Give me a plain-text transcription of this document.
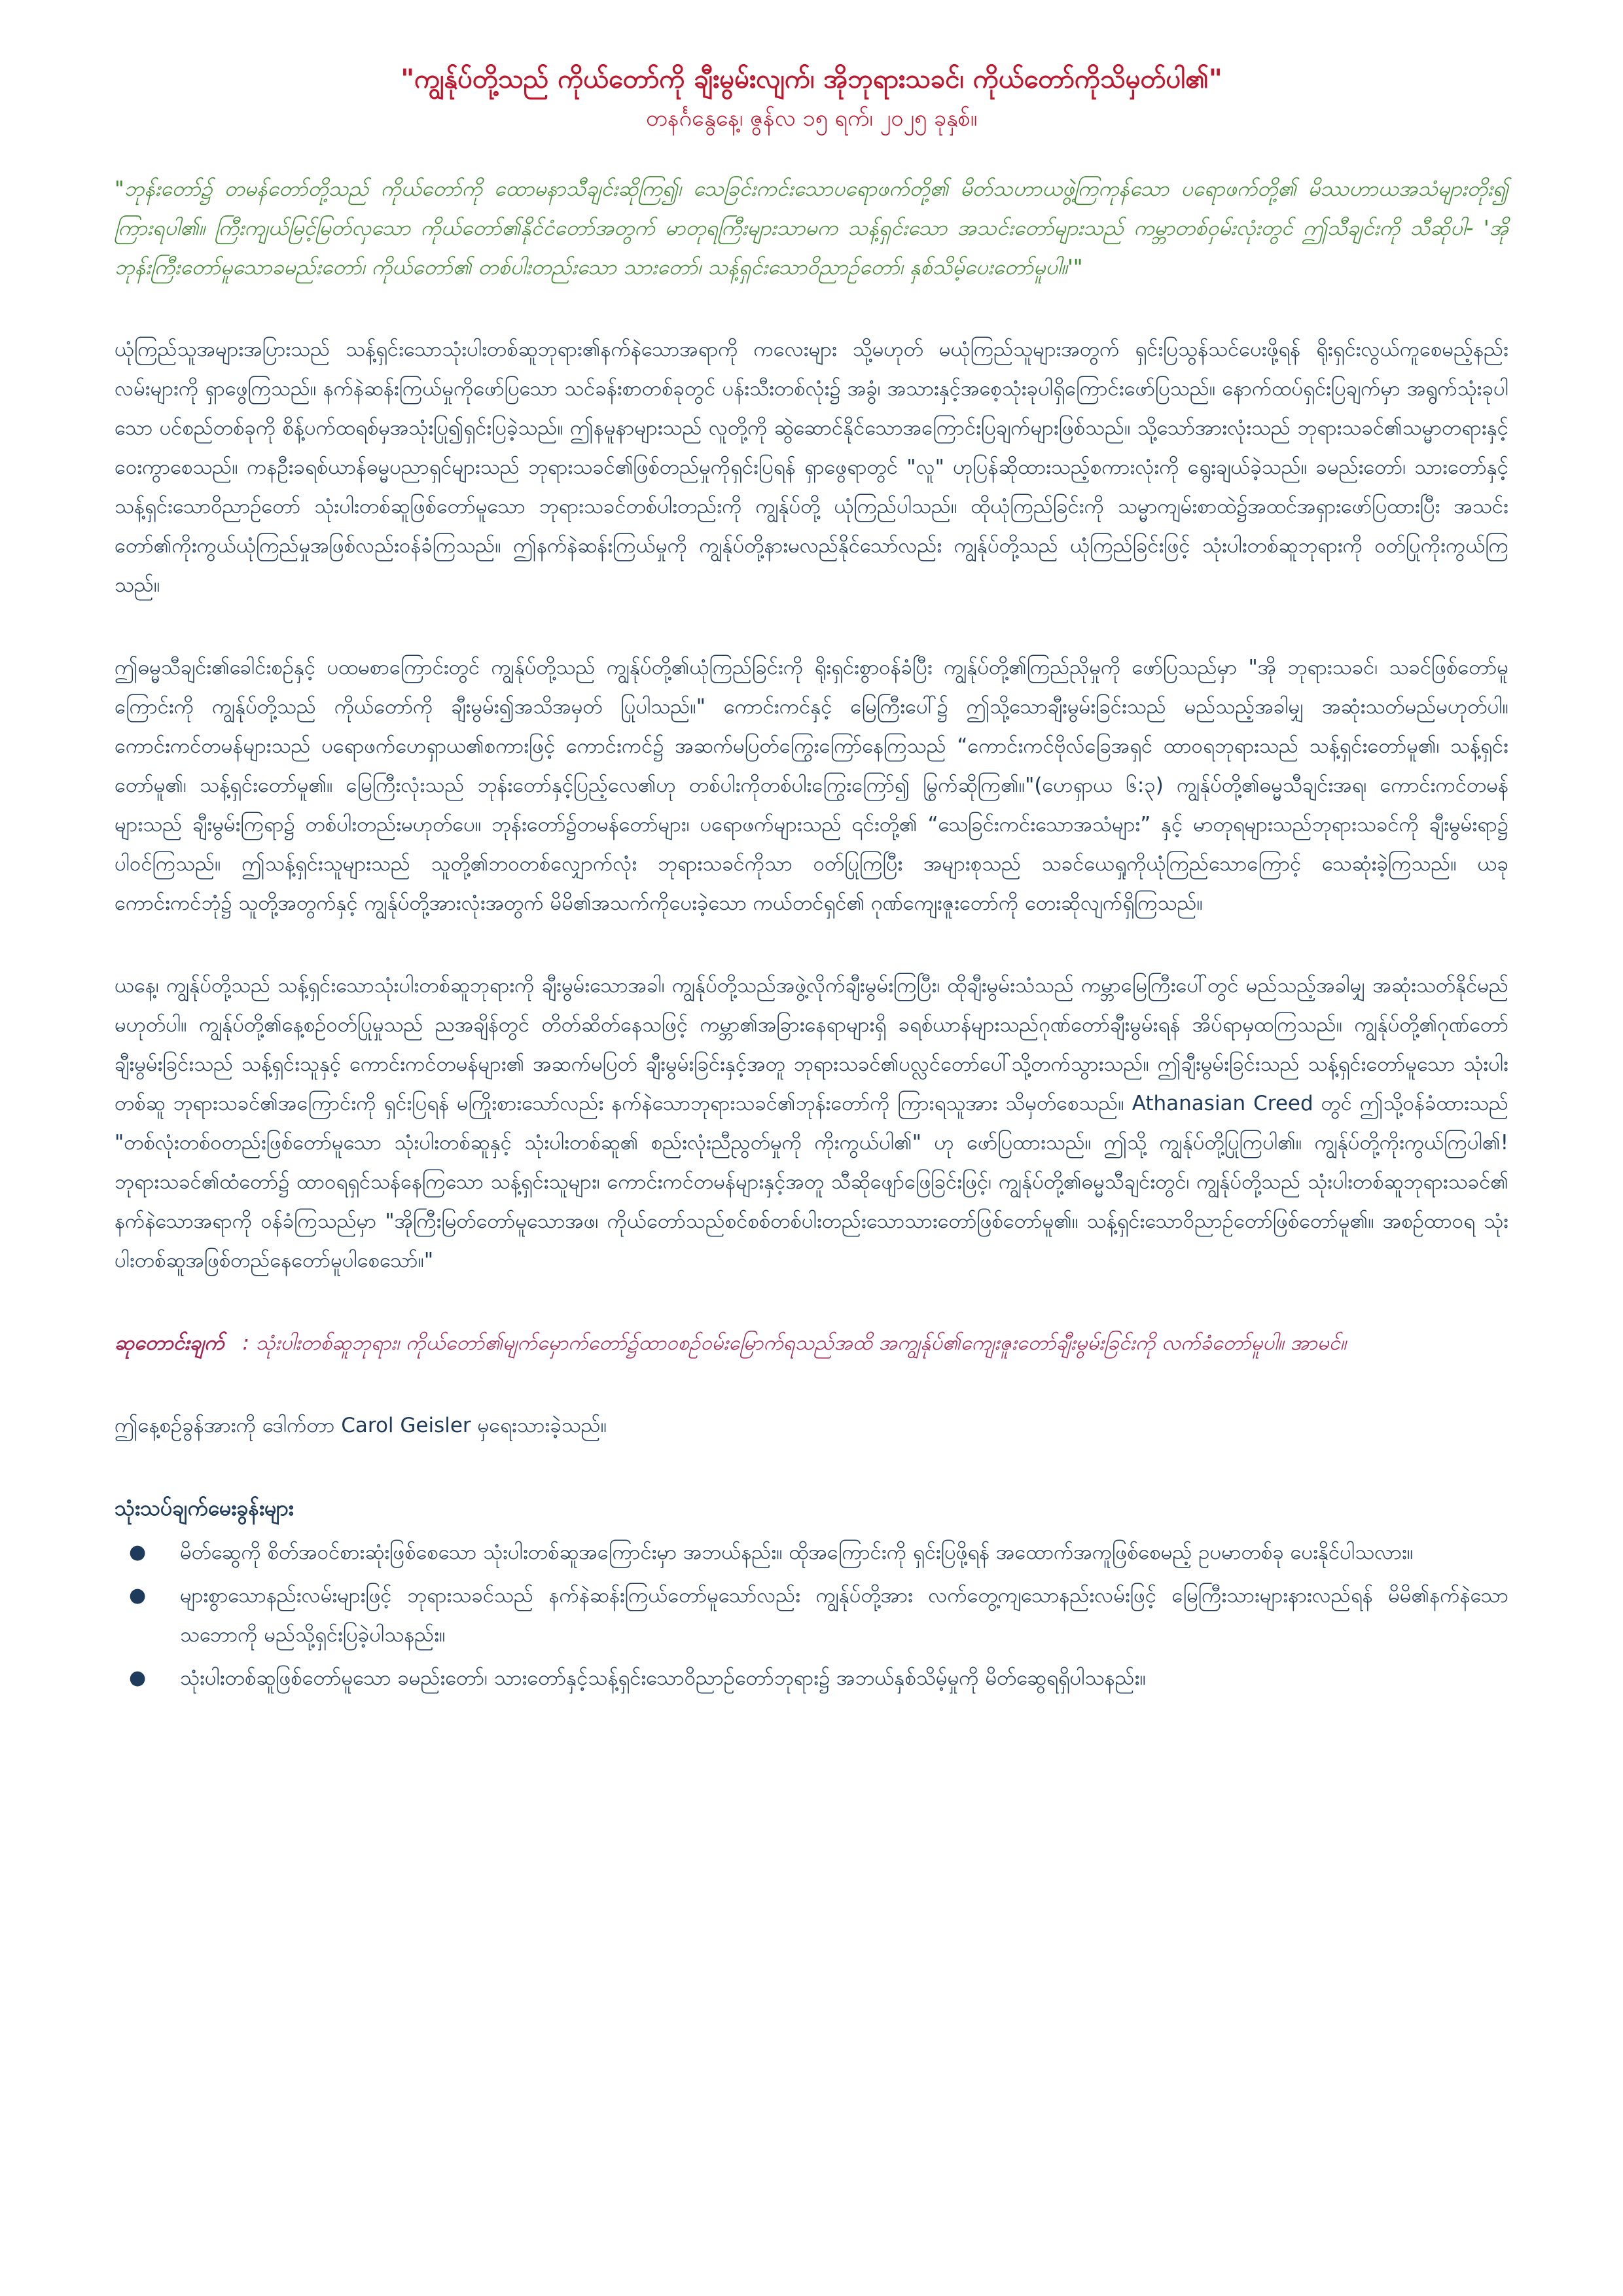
"ကျွန်ုပ်တို့သည် ကိုယ်တော်ကို ချီးမွမ်းလျက်၊ အိုဘုရားသခင်၊ ကိုယ်တော်ကိုသိမှတ်ပါ၏"

တနင်္ဂနွေနေ့၊ ဇွန်လ ၁၅ ရက်၊ ၂၀၂၅ ခုနှစ်။

"ဘုန်းတော်၌ တမန်တော်တို့သည် ကိုယ်တော်ကို ထောမနာသီချင်းဆိုကြ၍၊ သေခြင်းကင်းသောပရောဖက်တို့၏ မိတ်သဟာယဖွဲ့ကြကုန်သော ပရောဖက်တို့၏ မိဿဟာယအသံများတိုး၍ ကြားရပါ၏။ ကြီးကျယ်မြင့်မြတ်လှသော ကိုယ်တော်၏နိုင်ငံတော်အတွက် မာတုရကြီးများသာမက သန့်ရှင်းသော အသင်းတော်များသည် ကမ္ဘာတစ်ဝှမ်းလုံးတွင် ဤသီချင်းကို သီဆိုပါ- 'အို ဘုန်းကြီးတော်မူသောခမည်းတော်၊ ကိုယ်တော်၏ တစ်ပါးတည်းသော သားတော်၊ သန့်ရှင်းသောဝိညာဉ်တော်၊ နှစ်သိမ့်ပေးတော်မူပါ။'"

ယုံကြည်သူအများအပြားသည် သန့်ရှင်းသောသုံးပါးတစ်ဆူဘုရား၏နက်နဲသောအရာကို ကလေးများ သို့မဟုတ် မယုံကြည်သူများအတွက် ရှင်းပြသွန်သင်ပေးဖို့ရန် ရိုးရှင်းလွယ်ကူစေမည့်နည်းလမ်းများကို ရှာဖွေကြသည်။ နက်နဲဆန်းကြယ်မှုကိုဖော်ပြသော သင်ခန်းစာတစ်ခုတွင် ပန်းသီးတစ်လုံး၌ အခွံ၊ အသားနှင့်အစေ့သုံးခုပါရှိကြောင်းဖော်ပြသည်။ နောက်ထပ်ရှင်းပြချက်မှာ အရွက်သုံးခုပါသော ပင်စည်တစ်ခုကို စိန့်ပက်ထရစ်မှအသုံးပြု၍ရှင်းပြခဲ့သည်။ ဤနမူနာများသည် လူတို့ကို ဆွဲဆောင်နိုင်သောအကြောင်းပြချက်များဖြစ်သည်။ သို့သော်အားလုံးသည် ဘုရားသခင်၏သမ္မာတရားနှင့်ဝေးကွာစေသည်။ ကနဦးခရစ်ယာန်ဓမ္မပညာရှင်များသည် ဘုရားသခင်၏ဖြစ်တည်မှုကိုရှင်းပြရန် ရှာဖွေရာတွင် "လူ" ဟုပြန်ဆိုထားသည့်စကားလုံးကို ရွေးချယ်ခဲ့သည်။ ခမည်းတော်၊ သားတော်နှင့် သန့်ရှင်းသောဝိညာဉ်တော် သုံးပါးတစ်ဆူဖြစ်တော်မူသော ဘုရားသခင်တစ်ပါးတည်းကို ကျွန်ုပ်တို့ ယုံကြည်ပါသည်။ ထိုယုံကြည်ခြင်းကို သမ္မာကျမ်းစာထဲ၌အထင်အရှားဖော်ပြထားပြီး အသင်းတော်၏ကိုးကွယ်ယုံကြည်မှုအဖြစ်လည်းဝန်ခံကြသည်။ ဤနက်နဲဆန်းကြယ်မှုကို ကျွန်ုပ်တို့နားမလည်နိုင်သော်လည်း ကျွန်ုပ်တို့သည် ယုံကြည်ခြင်းဖြင့် သုံးပါးတစ်ဆူဘုရားကို ဝတ်ပြုကိုးကွယ်ကြသည်။

ဤဓမ္မသီချင်း၏ခေါင်းစဉ်နှင့် ပထမစာကြောင်းတွင် ကျွန်ုပ်တို့သည် ကျွန်ုပ်တို့၏ယုံကြည်ခြင်းကို ရိုးရှင်းစွာဝန်ခံပြီး ကျွန်ုပ်တို့၏ကြည်ညိုမှုကို ဖော်ပြသည်မှာ "အို ဘုရားသခင်၊ သခင်ဖြစ်တော်မူကြောင်းကို ကျွန်ုပ်တို့သည် ကိုယ်တော်ကို ချီးမွမ်း၍အသိအမှတ် ပြုပါသည်။" ကောင်းကင်နှင့် မြေကြီးပေါ်၌ ဤသို့သောချီးမွမ်းခြင်းသည် မည်သည့်အခါမျှ အဆုံးသတ်မည်မဟုတ်ပါ။ ကောင်းကင်တမန်များသည် ပရောဖက်ဟေရှာယ၏စကားဖြင့် ကောင်းကင်၌ အဆက်မပြတ်ကြွေးကြော်နေကြသည် “ကောင်းကင်ဗိုလ်ခြေအရှင် ထာဝရဘုရားသည် သန့်ရှင်းတော်မူ၏၊ သန့်ရှင်းတော်မူ၏၊ သန့်ရှင်းတော်မူ၏။ မြေကြီးလုံးသည် ဘုန်းတော်နှင့်ပြည့်လေ၏ဟု တစ်ပါးကိုတစ်ပါးကြွေးကြော်၍ မြွက်ဆိုကြ၏။"(ဟေရှာယ ၆:၃) ကျွန်ုပ်တို့၏ဓမ္မသီချင်းအရ၊ ကောင်းကင်တမန်များသည် ချီးမွမ်းကြရာ၌ တစ်ပါးတည်းမဟုတ်ပေ။ ဘုန်းတော်၌တမန်တော်များ၊ ပရောဖက်များသည် ၎င်းတို့၏ “သေခြင်းကင်းသောအသံများ” နှင့် မာတုရများသည်ဘုရားသခင်ကို ချီးမွမ်းရာ၌ ပါဝင်ကြသည်။ ဤသန့်ရှင်းသူများသည် သူတို့၏ဘဝတစ်လျှောက်လုံး ဘုရားသခင်ကိုသာ ဝတ်ပြုကြပြီး အများစုသည် သခင်ယေရှုကိုယုံကြည်သောကြောင့် သေဆုံးခဲ့ကြသည်။ ယခုကောင်းကင်ဘုံ၌ သူတို့အတွက်နှင့် ကျွန်ုပ်တို့အားလုံးအတွက် မိမိ၏အသက်ကိုပေးခဲ့သော ကယ်တင်ရှင်၏ ဂုဏ်ကျေးဇူးတော်ကို တေးဆိုလျက်ရှိကြသည်။

ယနေ့၊ ကျွန်ုပ်တို့သည် သန့်ရှင်းသောသုံးပါးတစ်ဆူဘုရားကို ချီးမွမ်းသောအခါ၊ ကျွန်ုပ်တို့သည်အဖွဲ့လိုက်ချီးမွမ်းကြပြီး၊ ထိုချီးမွမ်းသံသည် ကမ္ဘာမြေကြီးပေါ်တွင် မည်သည့်အခါမျှ အဆုံးသတ်နိုင်မည်မဟုတ်ပါ။ ကျွန်ုပ်တို့၏နေ့စဉ်ဝတ်ပြုမှုသည် ညအချိန်တွင် တိတ်ဆိတ်နေသဖြင့် ကမ္ဘာ၏အခြားနေရာများရှိ ခရစ်ယာန်များသည်ဂုဏ်တော်ချီးမွမ်းရန် အိပ်ရာမှထကြသည်။ ကျွန်ုပ်တို့၏ဂုဏ်တော်ချီးမွမ်းခြင်းသည် သန့်ရှင်းသူနှင့် ကောင်းကင်တမန်များ၏ အဆက်မပြတ် ချီးမွမ်းခြင်းနှင့်အတူ ဘုရားသခင်၏ပလ္လင်တော်ပေါ်သို့တက်သွားသည်။ ဤချီးမွမ်းခြင်းသည် သန့်ရှင်းတော်မူသော သုံးပါးတစ်ဆူ ဘုရားသခင်၏အကြောင်းကို ရှင်းပြရန် မကြိုးစားသော်လည်း နက်နဲသောဘုရားသခင်၏ဘုန်းတော်ကို ကြားရသူအား သိမှတ်စေသည်။ Athanasian Creed တွင် ဤသို့ဝန်ခံထားသည် "တစ်လုံးတစ်ဝတည်းဖြစ်တော်မူသော သုံးပါးတစ်ဆူနှင့် သုံးပါးတစ်ဆူ၏ စည်းလုံးညီညွတ်မှုကို ကိုးကွယ်ပါ၏" ဟု ဖော်ပြထားသည်။ ဤသို့ ကျွန်ုပ်တို့ပြုကြပါ၏။ ကျွန်ုပ်တို့ကိုးကွယ်ကြပါ၏! ဘုရားသခင်၏ထံတော်၌ ထာဝရရှင်သန်နေကြသော သန့်ရှင်းသူများ၊ ကောင်းကင်တမန်များနှင့်အတူ သီဆိုဖျော်ဖြေခြင်းဖြင့်၊ ကျွန်ုပ်တို့၏ဓမ္မသီချင်းတွင်၊ ကျွန်ုပ်တို့သည် သုံးပါးတစ်ဆူဘုရားသခင်၏ နက်နဲသောအရာကို ဝန်ခံကြသည်မှာ "အိုကြီးမြတ်တော်မူသောအဖ၊ ကိုယ်တော်သည်စင်စစ်တစ်ပါးတည်းသောသားတော်ဖြစ်တော်မူ၏။ သန့်ရှင်းသောဝိညာဉ်တော်ဖြစ်တော်မူ၏။ အစဉ်ထာဝရ သုံးပါးတစ်ဆူအဖြစ်တည်နေတော်မူပါစေသော်။"

ဆုတောင်းချက် : သုံးပါးတစ်ဆူဘုရား၊ ကိုယ်တော်၏မျက်မှောက်တော်၌ထာဝစဉ်ဝမ်းမြောက်ရသည်အထိ အကျွန်ုပ်၏ကျေးဇူးတော်ချီးမွမ်းခြင်းကို လက်ခံတော်မူပါ။ အာမင်။

ဤနေ့စဉ်ခွန်အားကို ဒေါက်တာ Carol Geisler မှရေးသားခဲ့သည်။

သုံးသပ်ချက်မေးခွန်းများ
● မိတ်ဆွေကို စိတ်အဝင်စားဆုံးဖြစ်စေသော သုံးပါးတစ်ဆူအကြောင်းမှာ အဘယ်နည်း။ ထိုအကြောင်းကို ရှင်းပြဖို့ရန် အထောက်အကူဖြစ်စေမည့် ဥပမာတစ်ခု ပေးနိုင်ပါသလား။
● များစွာသောနည်းလမ်းများဖြင့် ဘုရားသခင်သည် နက်နဲဆန်းကြယ်တော်မူသော်လည်း ကျွန်ုပ်တို့အား လက်တွေ့ကျသောနည်းလမ်းဖြင့် မြေကြီးသားများနားလည်ရန် မိမိ၏နက်နဲသောသဘောကို မည်သို့ရှင်းပြခဲ့ပါသနည်း။
● သုံးပါးတစ်ဆူဖြစ်တော်မူသော ခမည်းတော်၊ သားတော်နှင့်သန့်ရှင်းသောဝိညာဉ်တော်ဘုရား၌ အဘယ်နှစ်သိမ့်မှုကို မိတ်ဆွေရရှိပါသနည်း။
